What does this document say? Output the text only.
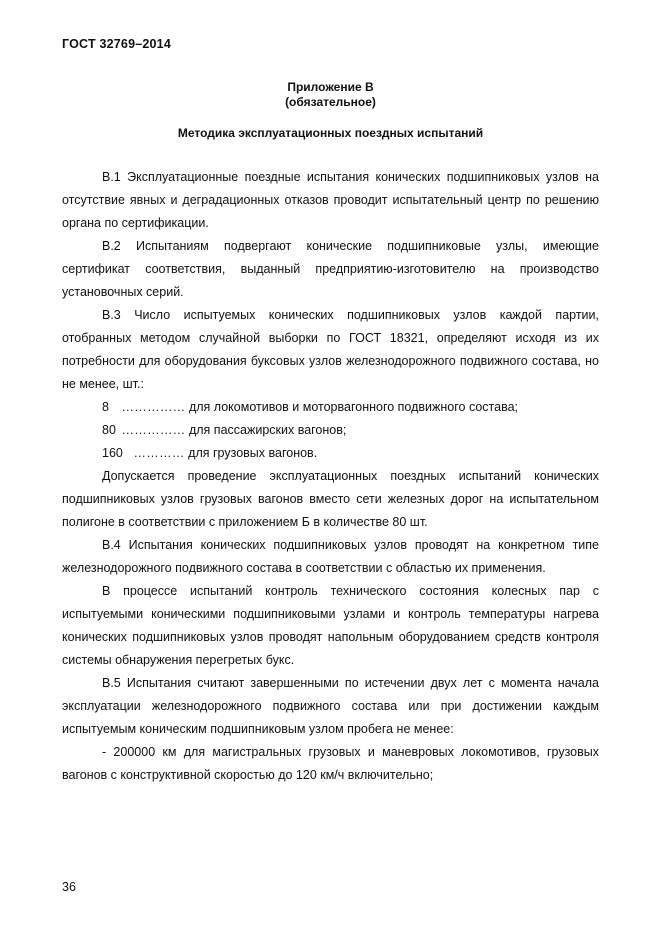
ГОСТ 32769–2014
Приложение В
(обязательное)
Методика эксплуатационных поездных испытаний

В.1 Эксплуатационные поездные испытания конических подшипниковых узлов на отсутствие явных и деградационных отказов проводит испытательный центр по решению органа по сертификации.

В.2 Испытаниям подвергают конические подшипниковые узлы, имеющие сертификат соответствия, выданный предприятию-изготовителю на производство установочных серий.

В.3 Число испытуемых конических подшипниковых узлов каждой партии, отобранных методом случайной выборки по ГОСТ 18321, определяют исходя из их потребности для оборудования буксовых узлов железнодорожного подвижного состава, но не менее, шт.:

8 …………… для локомотивов и моторвагонного подвижного состава;

80 …………… для пассажирских вагонов;

160 ………… для грузовых вагонов.

Допускается проведение эксплуатационных поездных испытаний конических подшипниковых узлов грузовых вагонов вместо сети железных дорог на испытательном полигоне в соответствии с приложением Б в количестве 80 шт.

В.4 Испытания конических подшипниковых узлов проводят на конкретном типе железнодорожного подвижного состава в соответствии с областью их применения.

В процессе испытаний контроль технического состояния колесных пар с испытуемыми коническими подшипниковыми узлами и контроль температуры нагрева конических подшипниковых узлов проводят напольным оборудованием средств контроля системы обнаружения перегретых букс.

В.5 Испытания считают завершенными по истечении двух лет с момента начала эксплуатации железнодорожного подвижного состава или при достижении каждым испытуемым коническим подшипниковым узлом пробега не менее:

- 200000 км для магистральных грузовых и маневровых локомотивов, грузовых вагонов с конструктивной скоростью до 120 км/ч включительно;

36
